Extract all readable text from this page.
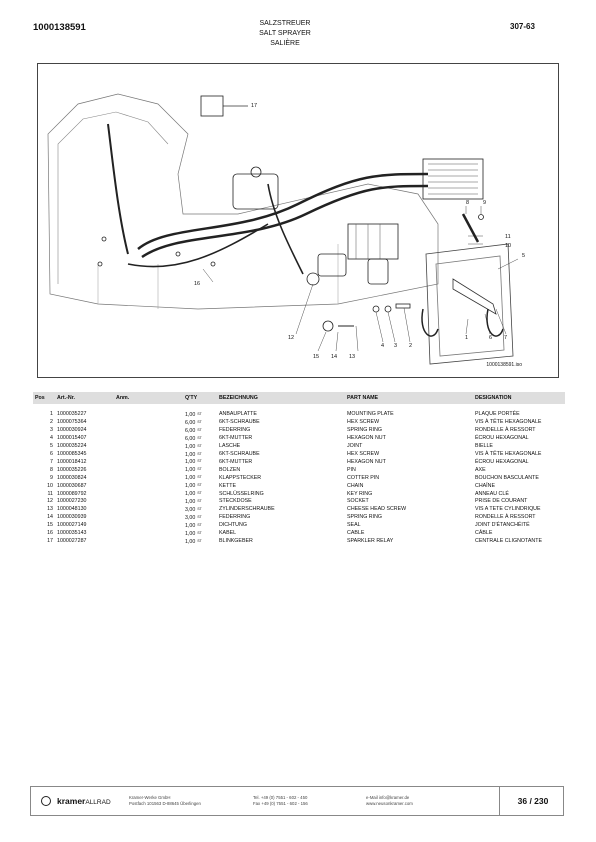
1000138591	SALZSTREUER
SALT SPRAYER
SALIÈRE
307-63
17
9
8
11
10
5
16
12
15 14 13
4 3 2
1	6 7
1000138591.iso
Pos	Art.-Nr.	Anm.	Q'TY	BEZEICHNUNG	PART NAME	DESIGNATION

1	1000035227		1,00 ST	ANBAUPLATTE	MOUNTING PLATE	PLAQUE PORTÉE
2	1000075364		6,00 ST	6KT-SCHRAUBE	HEX SCREW	VIS À TÊTE HEXAGONALE
3	1000030924		6,00 ST	FEDERRING	SPRING RING	RONDELLE À RESSORT
4	1000015407		6,00 ST	6KT-MUTTER	HEXAGON NUT	ÉCROU HEXAGONAL
5	1000035224		1,00 ST	LASCHE	JOINT	BIELLE
6	1000085345		1,00 ST	6KT-SCHRAUBE	HEX SCREW	VIS À TÊTE HEXAGONALE
7	1000018412		1,00 ST	6KT-MUTTER	HEXAGON NUT	ÉCROU HEXAGONAL
8	1000035226		1,00 ST	BOLZEN	PIN	AXE
9	1000030824		1,00 ST	KLAPPSTECKER	COTTER PIN	BOUCHON BASCULANTE
10	1000030687		1,00 ST	KETTE	CHAIN	CHAÎNE
11	1000089792		1,00 ST	SCHLÜSSELRING	KEY RING	ANNEAU CLÉ
12	1000027230		1,00 ST	STECKDOSE	SOCKET	PRISE DE COURANT
13	1000048130		3,00 ST	ZYLINDERSCHRAUBE	CHEESE HEAD SCREW	VIS A TETE CYLINDRIQUE
14	1000030939		3,00 ST	FEDERRING	SPRING RING	RONDELLE À RESSORT
15	1000027149		1,00 ST	DICHTUNG	SEAL	JOINT D'ÉTANCHÉITÉ
16	1000035143		1,00 ST	KABEL	CABLE	CÂBLE
17	1000027287		1,00 ST	BLINKGEBER	SPARKLER RELAY	CENTRALE CLIGNOTANTE
kramerALLRAD
Kramer-Werke GmbH
Postfach 101563 D-88645 Überlingen
Tel. +49 (0) 7551 - 602 - 450
Fax +49 (0) 7551 - 602 - 156
e-Mail info@kramer.de
www.neusonkramer.com	36 / 230
